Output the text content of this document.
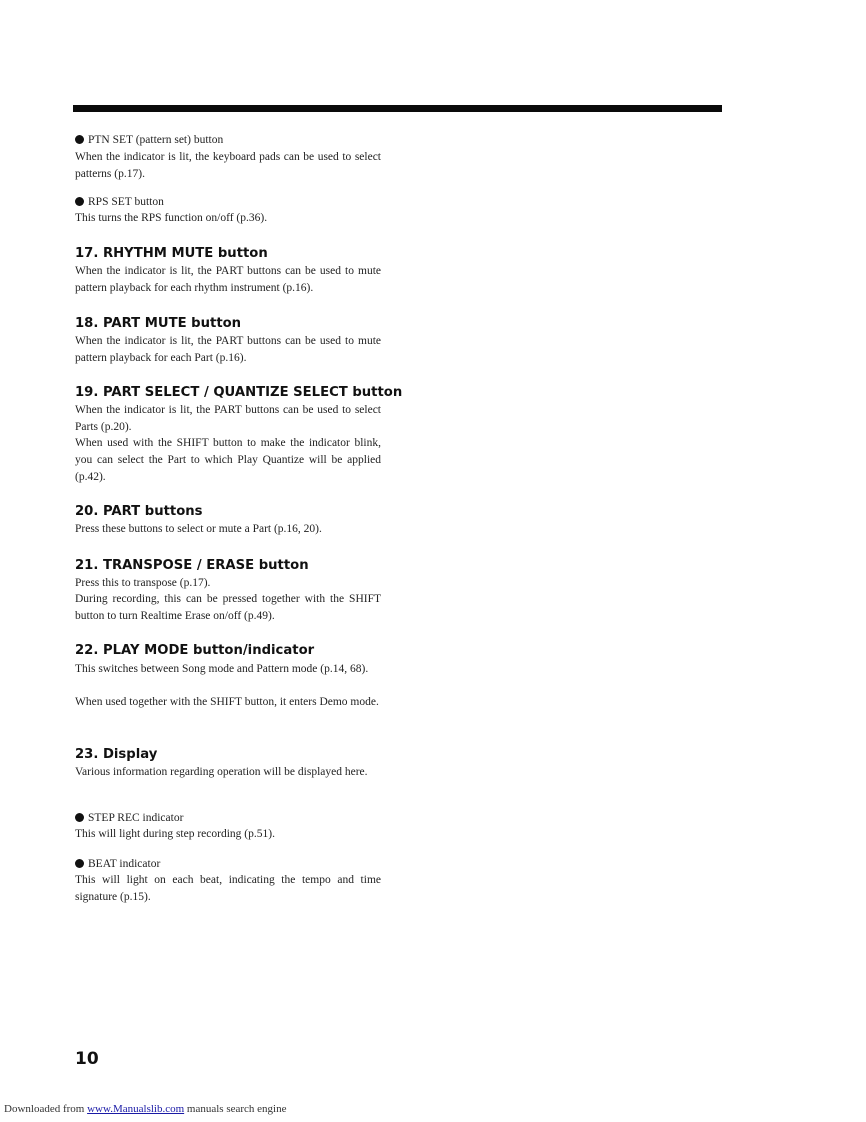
PTN SET (pattern set) button

When the indicator is lit, the keyboard pads can be used to select patterns (p.17).

RPS SET button

This turns the RPS function on/off (p.36).

17. RHYTHM MUTE button

When the indicator is lit, the PART buttons can be used to mute pattern playback for each rhythm instrument (p.16).

18. PART MUTE button

When the indicator is lit, the PART buttons can be used to mute pattern playback for each Part (p.16).

19. PART SELECT / QUANTIZE SELECT button

When the indicator is lit, the PART buttons can be used to select Parts (p.20).

When used with the SHIFT button to make the indicator blink, you can select the Part to which Play Quantize will be applied (p.42).

20. PART buttons

Press these buttons to select or mute a Part (p.16, 20).

21. TRANSPOSE / ERASE button

Press this to transpose (p.17).

During recording, this can be pressed together with the SHIFT button to turn Realtime Erase on/off (p.49).

22. PLAY MODE button/indicator

This switches between Song mode and Pattern mode (p.14, 68).

When used together with the SHIFT button, it enters Demo mode.

23. Display

Various information regarding operation will be displayed here.

STEP REC indicator

This will light during step recording (p.51).

BEAT indicator

This will light on each beat, indicating the tempo and time signature (p.15).

10
Downloaded from www.Manualslib.com manuals search engine
